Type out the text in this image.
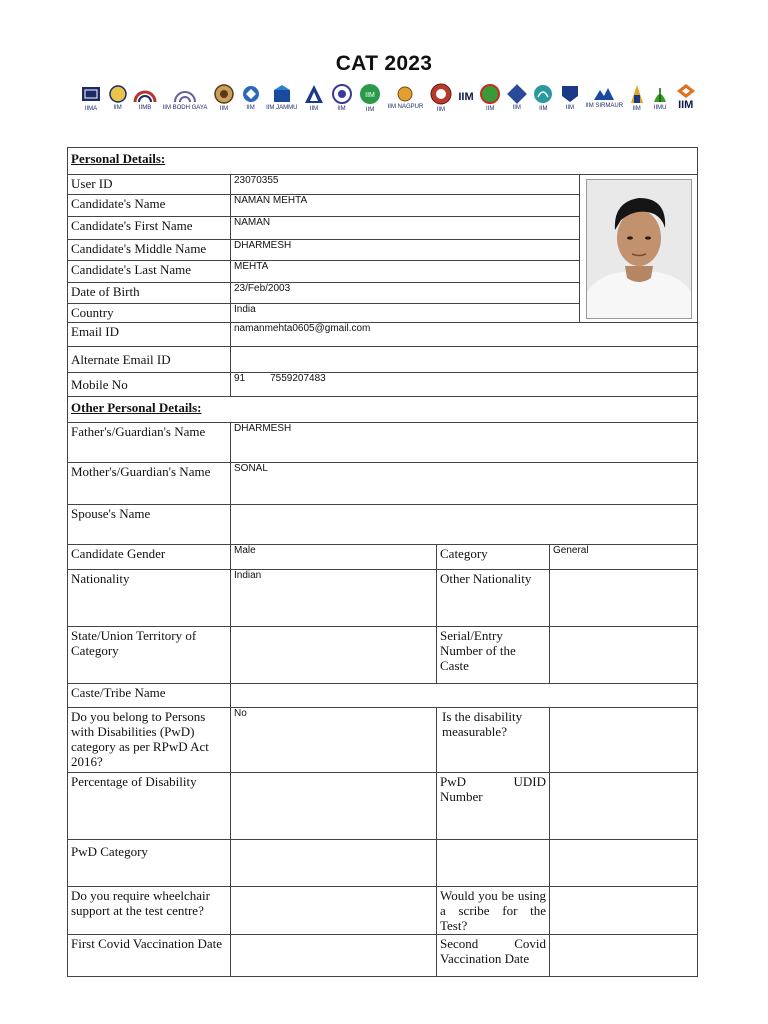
CAT 2023
IIMA	IIM	IIMB IIM BODH GAYA IIM	IIM IIM JAMMU IIM	IIM
IIM
IIM IIM NAGPUR IIM
IIM
IIM	IIM	IIM	IIM IIM SIRMAUR IIM IIMU IIM
Personal Details:				
User ID	23070355	

Candidate's Name	NAMAN MEHTA			
Candidate's First Name	NAMAN			
Candidate's Middle Name	DHARMESH			
Candidate's Last Name	MEHTA			
Date of Birth	23/Feb/2003			
Country	India			
Email ID	namanmehta0605@gmail.com			
Alternate Email ID				
Mobile No	91 7559207483			
Other Personal Details:				
Father's/Guardian's Name	DHARMESH			
Mother's/Guardian's Name	SONAL			
Spouse's Name				
Candidate Gender	Male	Category	General	
Nationality	Indian	Other Nationality		
State/Union Territory of Category		Serial/Entry Number of the Caste		
Caste/Tribe Name				
Do you belong to Persons with Disabilities (PwD) category as per RPwD Act 2016?	No	Is the disability measurable?		
Percentage of Disability		PwD UDID Number		
PwD Category				
Do you require wheelchair support at the test centre?		Would you be using a scribe for the Test?		
First Covid Vaccination Date		Second Covid Vaccination Date		
